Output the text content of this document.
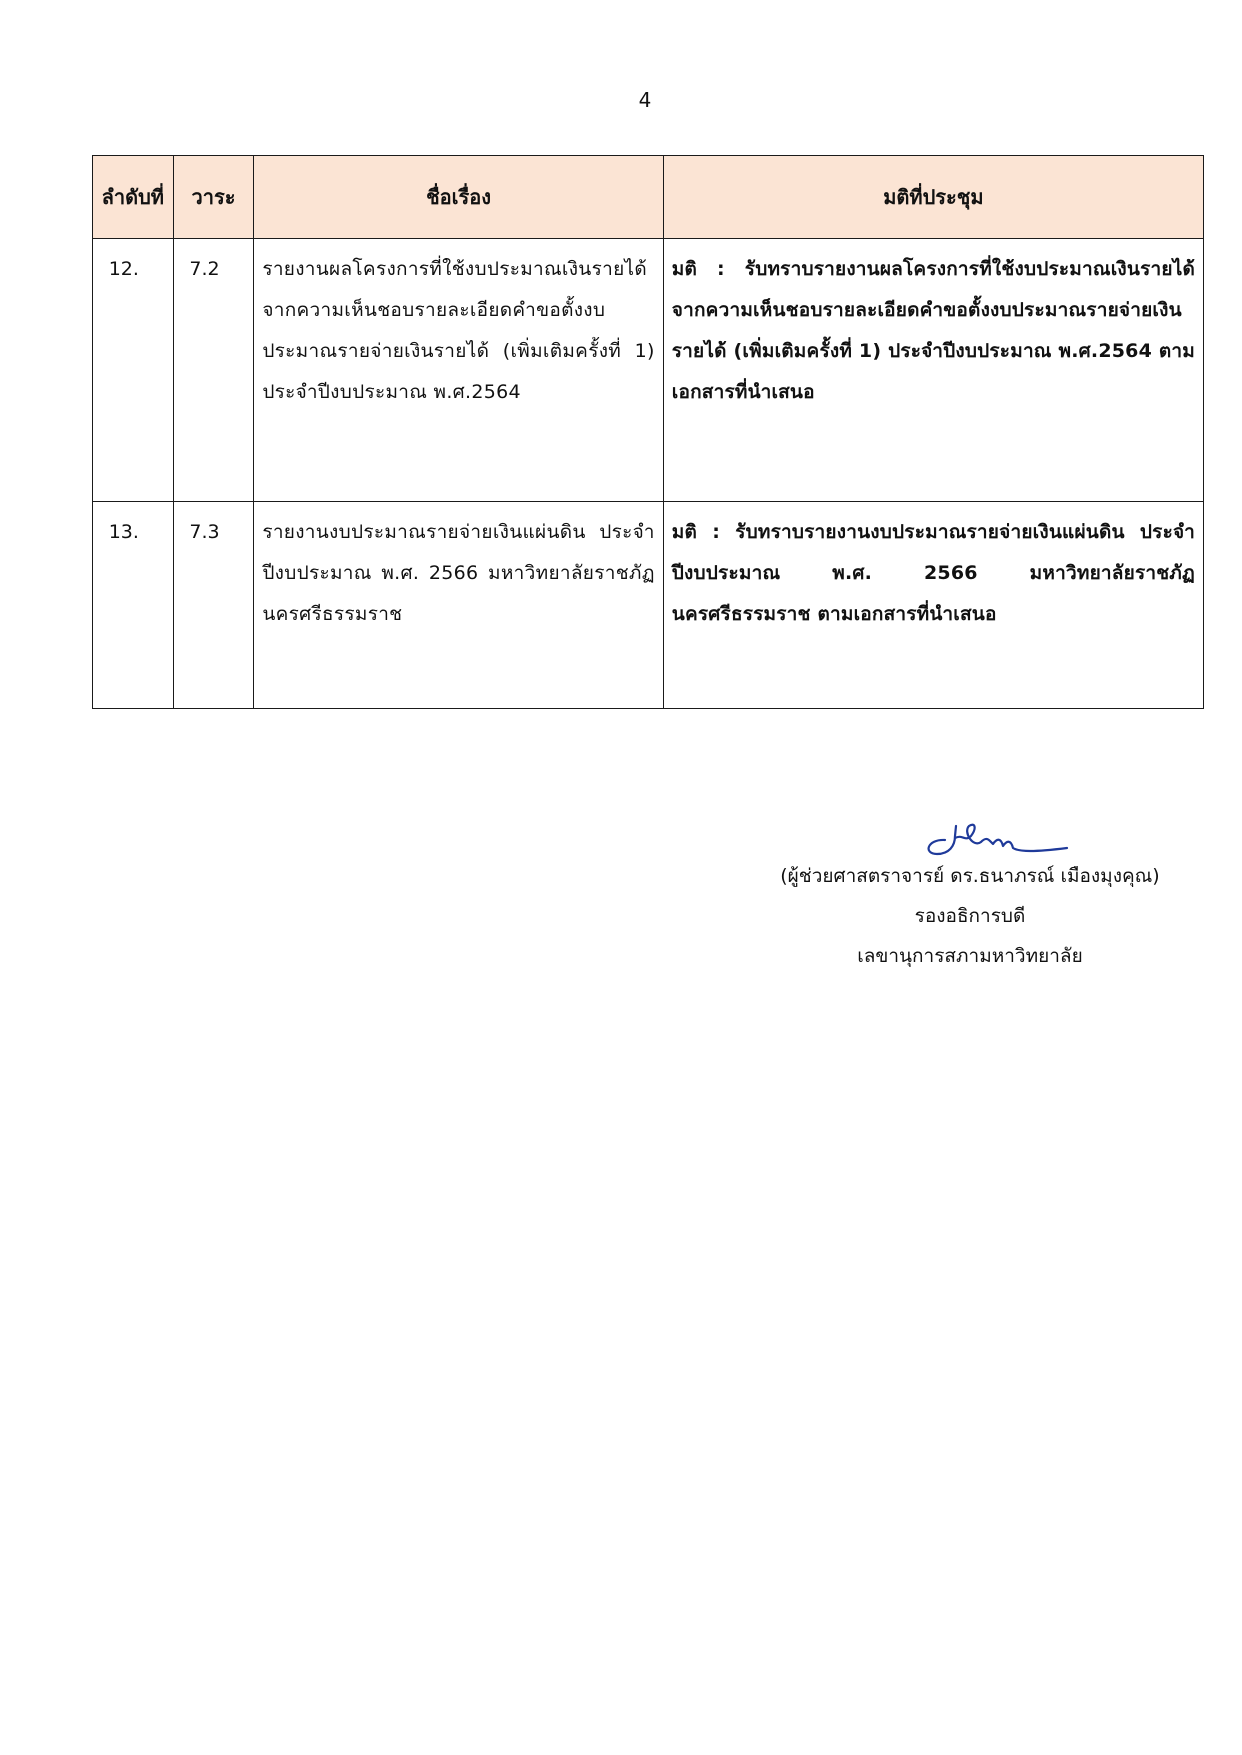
4
ลำดับที่	วาระ	ชื่อเรื่อง	มติที่ประชุม
12.	7.2	รายงานผลโครงการที่ใช้งบประมาณเงินรายได้ จากความเห็นชอบรายละเอียดคำขอตั้งงบประมาณรายจ่ายเงินรายได้ (เพิ่มเติมครั้งที่ 1) ประจำปีงบประมาณ พ.ศ.2564	มติ : รับทราบรายงานผลโครงการที่ใช้งบประมาณเงินรายได้ จากความเห็นชอบรายละเอียดคำขอตั้งงบประมาณรายจ่ายเงินรายได้ (เพิ่มเติมครั้งที่ 1) ประจำปีงบประมาณ พ.ศ.2564 ตามเอกสารที่นำเสนอ
13.	7.3	รายงานงบประมาณรายจ่ายเงินแผ่นดิน ประจำปีงบประมาณ พ.ศ. 2566 มหาวิทยาลัยราชภัฏนครศรีธรรมราช	มติ : รับทราบรายงานงบประมาณรายจ่ายเงินแผ่นดิน ประจำปีงบประมาณ พ.ศ. 2566 มหาวิทยาลัยราชภัฏนครศรีธรรมราช ตามเอกสารที่นำเสนอ
(ผู้ช่วยศาสตราจารย์ ดร.ธนาภรณ์ เมืองมุงคุณ)
รองอธิการบดี
เลขานุการสภามหาวิทยาลัย
